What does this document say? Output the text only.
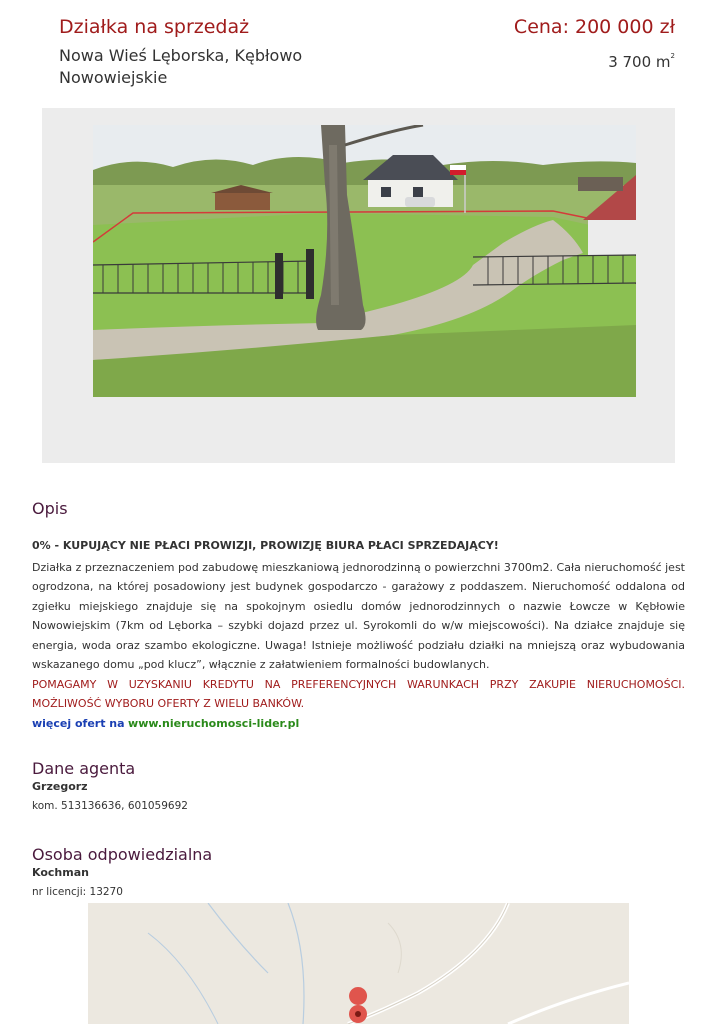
Działka na sprzedaż	Cena: 200 000 zł
Nowa Wieś Lęborska, Kębłowo Nowowiejskie
3 700 $m^2$
Opis
0% - KUPUJĄCY NIE PŁACI PROWIZJI, PROWIZJĘ BIURA PŁACI SPRZEDAJĄCY!
Działka z przeznaczeniem pod zabudowę mieszkaniową jednorodzinną o powierzchni 3700m2. Cała nieruchomość jest ogrodzona, na której posadowiony jest budynek gospodarczo - garażowy z poddaszem. Nieruchomość oddalona od zgiełku miejskiego znajduje się na spokojnym osiedlu domów jednorodzinnych o nazwie Łowcze w Kębłowie Nowowiejskim (7km od Lęborka – szybki dojazd przez ul. Syrokomli do w/w miejscowości). Na działce znajduje się energia, woda oraz szambo ekologiczne. Uwaga! Istnieje możliwość podziału działki na mniejszą oraz wybudowania wskazanego domu „pod klucz”, włącznie z załatwieniem formalności budowlanych.
POMAGAMY W UZYSKANIU KREDYTU NA PREFERENCYJNYCH WARUNKACH PRZY ZAKUPIE NIERUCHOMOŚCI. MOŻLIWOŚĆ WYBORU OFERTY Z WIELU BANKÓW.
więcej ofert na www.nieruchomosci-lider.pl
Dane agenta
Grzegorz
kom. 513136636, 601059692
Osoba odpowiedzialna
Kochman
nr licencji: 13270
